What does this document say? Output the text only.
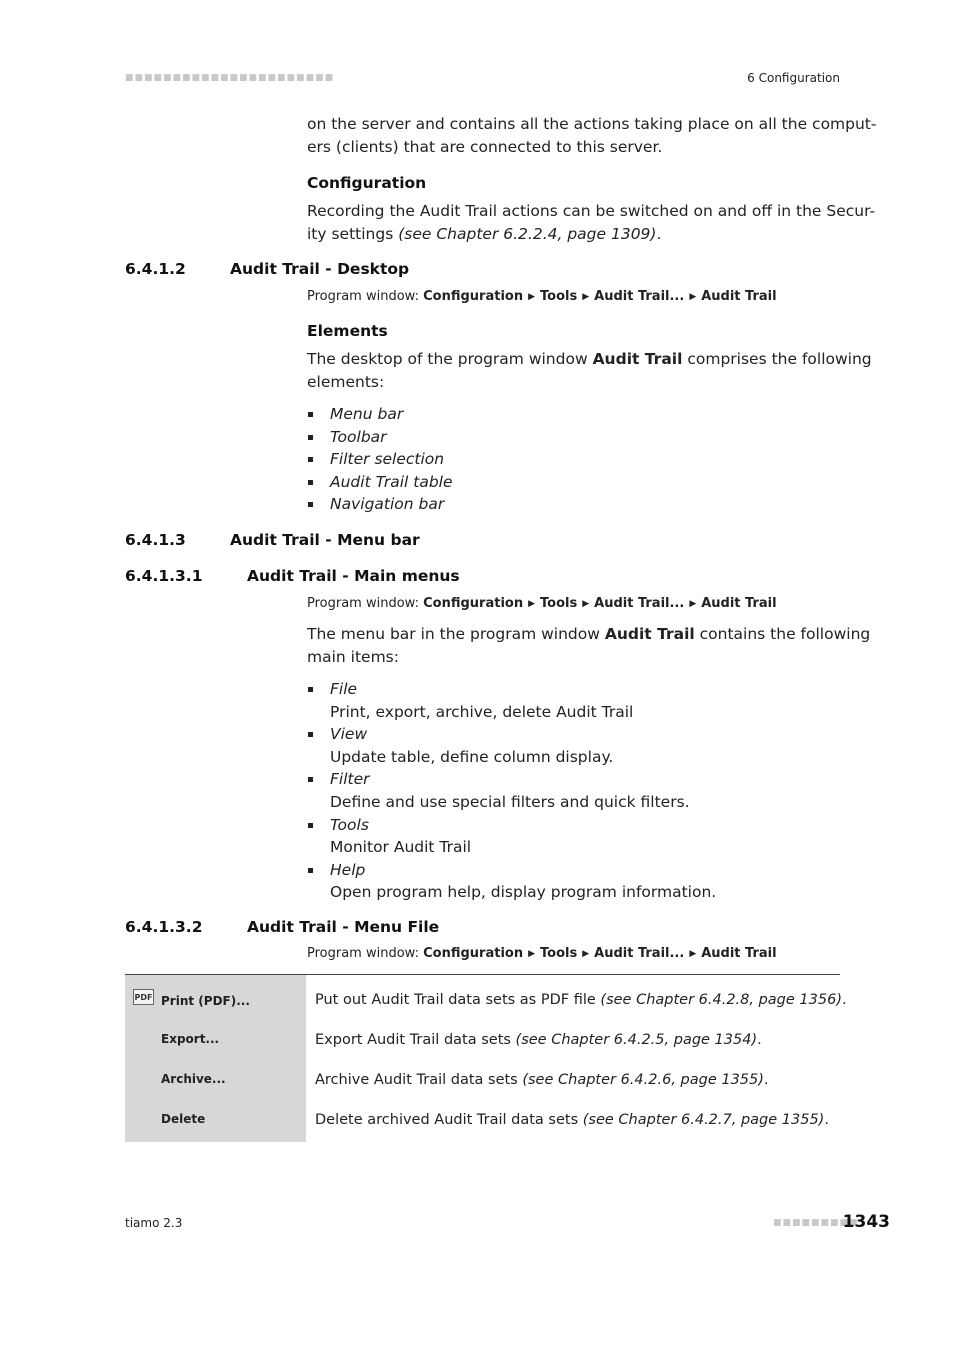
■■■■■■■■■■■■■■■■■■■■■■	6 Configuration
on the server and contains all the actions taking place on all the comput-
ers (clients) that are connected to this server.
Configuration
Recording the Audit Trail actions can be switched on and off in the Secur-
ity settings (see Chapter 6.2.2.4, page 1309).
6.4.1.2	Audit Trail - Desktop
Program window: Configuration ▶ Tools ▶ Audit Trail... ▶ Audit Trail
Elements
The desktop of the program window Audit Trail comprises the following
elements:
Menu bar
Toolbar
Filter selection
Audit Trail table
Navigation bar
6.4.1.3	Audit Trail - Menu bar
6.4.1.3.1	Audit Trail - Main menus
Program window: Configuration ▶ Tools ▶ Audit Trail... ▶ Audit Trail
The menu bar in the program window Audit Trail contains the following
main items:
File
Print, export, archive, delete Audit Trail
View
Update table, define column display.
Filter
Define and use special filters and quick filters.
Tools
Monitor Audit Trail
Help
Open program help, display program information.
6.4.1.3.2	Audit Trail - Menu File
Program window: Configuration ▶ Tools ▶ Audit Trail... ▶ Audit Trail
PDF Print (PDF)...	Put out Audit Trail data sets as PDF file (see Chapter 6.4.2.8, page 1356).
Export...	Export Audit Trail data sets (see Chapter 6.4.2.5, page 1354).
Archive...	Archive Audit Trail data sets (see Chapter 6.4.2.6, page 1355).
Delete	Delete archived Audit Trail data sets (see Chapter 6.4.2.7, page 1355).
tiamo 2.3	■■■■■■■■■
1343
